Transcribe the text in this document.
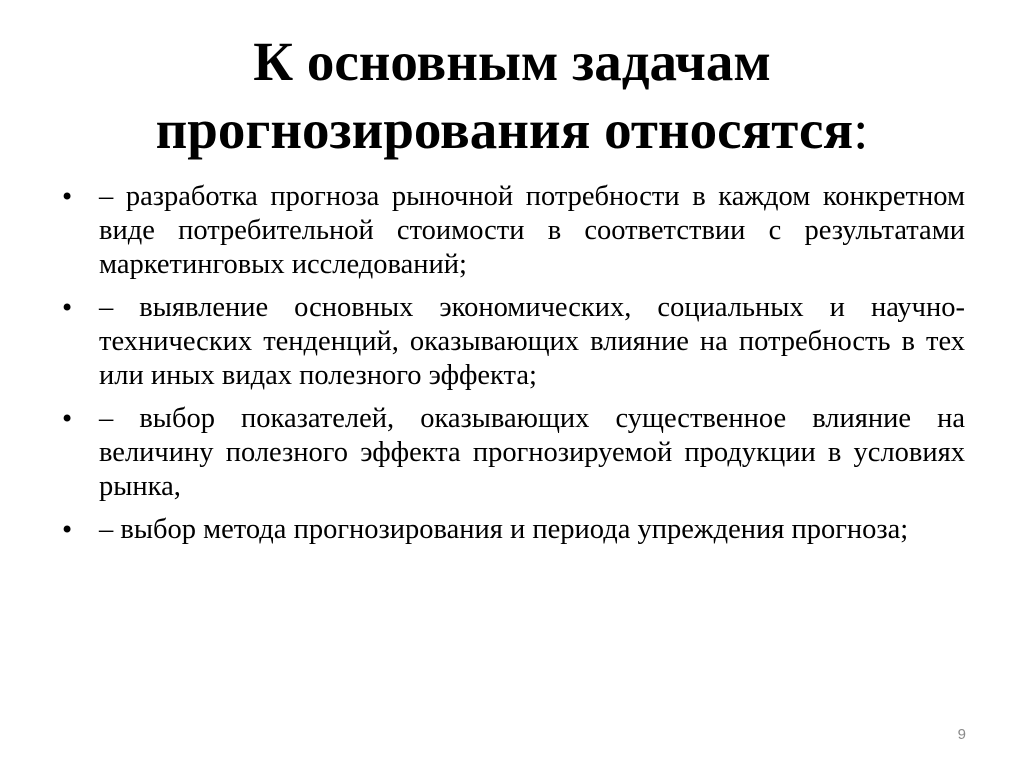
К основным задачам прогнозирования относятся:
• – разработка прогноза рыночной потребности в каждом конкретном виде потребительной стоимости в соответствии с результатами маркетинговых исследований;
• – выявление основных экономических, социальных и научно-технических тенденций, оказывающих влияние на потребность в тех или иных видах полезного эффекта;
• – выбор показателей, оказывающих существенное влияние на величину полезного эффекта прогнозируемой продукции в условиях рынка,
• – выбор метода прогнозирования и периода упреждения прогноза;
9
